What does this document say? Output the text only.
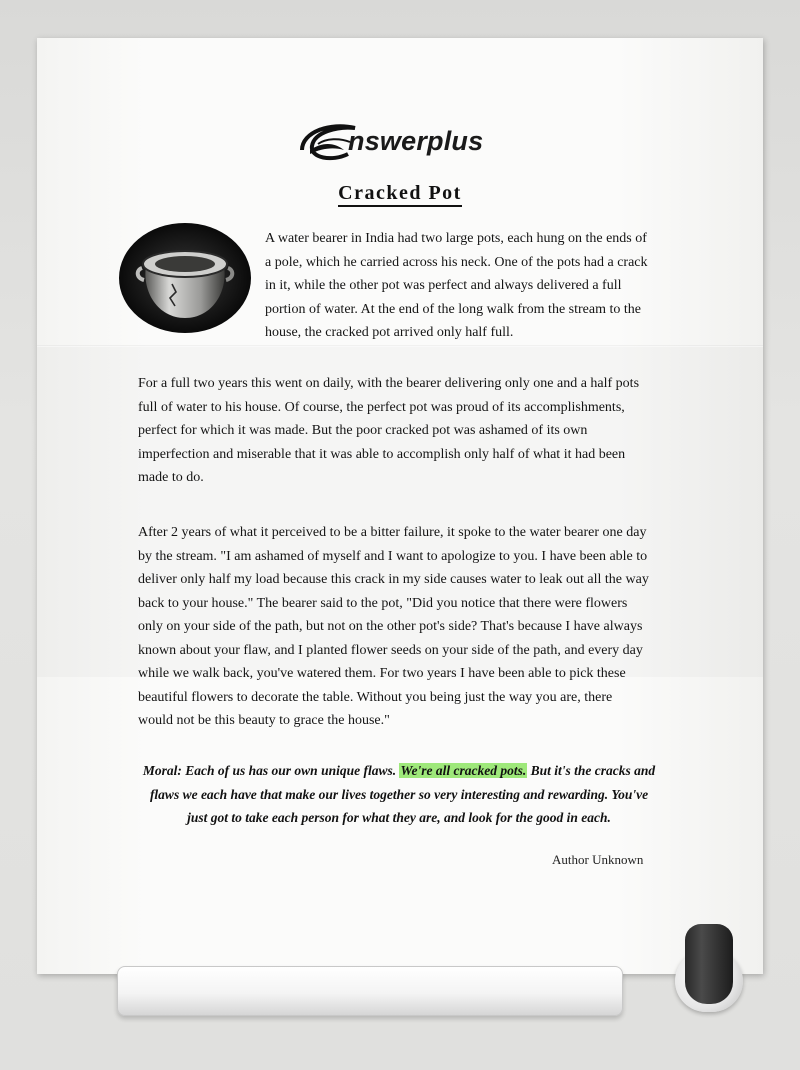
nswerplus
Cracked Pot
A water bearer in India had two large pots, each hung on the ends of a pole, which he carried across his neck. One of the pots had a crack in it, while the other pot was perfect and always delivered a full portion of water. At the end of the long walk from the stream to the house, the cracked pot arrived only half full.
For a full two years this went on daily, with the bearer delivering only one and a half pots full of water to his house. Of course, the perfect pot was proud of its accomplishments, perfect for which it was made. But the poor cracked pot was ashamed of its own imperfection and miserable that it was able to accomplish only half of what it had been made to do.
After 2 years of what it perceived to be a bitter failure, it spoke to the water bearer one day by the stream. "I am ashamed of myself and I want to apologize to you. I have been able to deliver only half my load because this crack in my side causes water to leak out all the way back to your house." The bearer said to the pot, "Did you notice that there were flowers only on your side of the path, but not on the other pot's side? That's because I have always known about your flaw, and I planted flower seeds on your side of the path, and every day while we walk back, you've watered them. For two years I have been able to pick these beautiful flowers to decorate the table. Without you being just the way you are, there would not be this beauty to grace the house."
Moral: Each of us has our own unique flaws. We're all cracked pots. But it's the cracks and flaws we each have that make our lives together so very interesting and rewarding. You've just got to take each person for what they are, and look for the good in each.
Author Unknown
